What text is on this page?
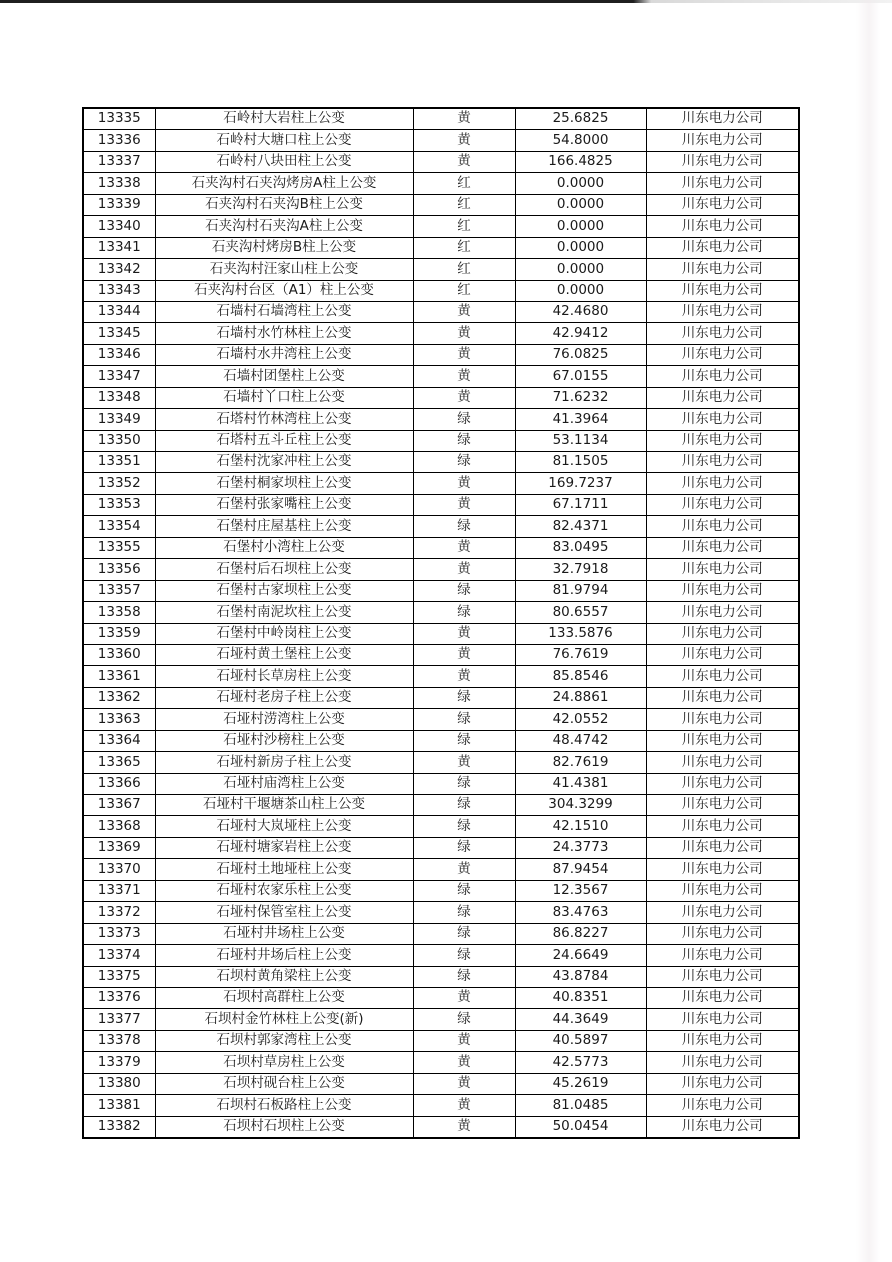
13335	石岭村大岩柱上公变	黄	25.6825	川东电力公司
13336	石岭村大塘口柱上公变	黄	54.8000	川东电力公司
13337	石岭村八块田柱上公变	黄	166.4825	川东电力公司
13338	石夹沟村石夹沟烤房A柱上公变	红	0.0000	川东电力公司
13339	石夹沟村石夹沟B柱上公变	红	0.0000	川东电力公司
13340	石夹沟村石夹沟A柱上公变	红	0.0000	川东电力公司
13341	石夹沟村烤房B柱上公变	红	0.0000	川东电力公司
13342	石夹沟村汪家山柱上公变	红	0.0000	川东电力公司
13343	石夹沟村台区（A1）柱上公变	红	0.0000	川东电力公司
13344	石墙村石墙湾柱上公变	黄	42.4680	川东电力公司
13345	石墙村水竹林柱上公变	黄	42.9412	川东电力公司
13346	石墙村水井湾柱上公变	黄	76.0825	川东电力公司
13347	石墙村团堡柱上公变	黄	67.0155	川东电力公司
13348	石墙村丫口柱上公变	黄	71.6232	川东电力公司
13349	石塔村竹林湾柱上公变	绿	41.3964	川东电力公司
13350	石塔村五斗丘柱上公变	绿	53.1134	川东电力公司
13351	石堡村沈家冲柱上公变	绿	81.1505	川东电力公司
13352	石堡村桐家坝柱上公变	黄	169.7237	川东电力公司
13353	石堡村张家嘴柱上公变	黄	67.1711	川东电力公司
13354	石堡村庄屋基柱上公变	绿	82.4371	川东电力公司
13355	石堡村小湾柱上公变	黄	83.0495	川东电力公司
13356	石堡村后石坝柱上公变	黄	32.7918	川东电力公司
13357	石堡村古家坝柱上公变	绿	81.9794	川东电力公司
13358	石堡村南泥坎柱上公变	绿	80.6557	川东电力公司
13359	石堡村中岭岗柱上公变	黄	133.5876	川东电力公司
13360	石垭村黄土堡柱上公变	黄	76.7619	川东电力公司
13361	石垭村长草房柱上公变	黄	85.8546	川东电力公司
13362	石垭村老房子柱上公变	绿	24.8861	川东电力公司
13363	石垭村涝湾柱上公变	绿	42.0552	川东电力公司
13364	石垭村沙榜柱上公变	绿	48.4742	川东电力公司
13365	石垭村新房子柱上公变	黄	82.7619	川东电力公司
13366	石垭村庙湾柱上公变	绿	41.4381	川东电力公司
13367	石垭村干堰塘茶山柱上公变	绿	304.3299	川东电力公司
13368	石垭村大岚垭柱上公变	绿	42.1510	川东电力公司
13369	石垭村塘家岩柱上公变	绿	24.3773	川东电力公司
13370	石垭村土地垭柱上公变	黄	87.9454	川东电力公司
13371	石垭村农家乐柱上公变	绿	12.3567	川东电力公司
13372	石垭村保管室柱上公变	绿	83.4763	川东电力公司
13373	石垭村井场柱上公变	绿	86.8227	川东电力公司
13374	石垭村井场后柱上公变	绿	24.6649	川东电力公司
13375	石坝村黄角梁柱上公变	绿	43.8784	川东电力公司
13376	石坝村高群柱上公变	黄	40.8351	川东电力公司
13377	石坝村金竹林柱上公变(新)	绿	44.3649	川东电力公司
13378	石坝村郭家湾柱上公变	黄	40.5897	川东电力公司
13379	石坝村草房柱上公变	黄	42.5773	川东电力公司
13380	石坝村砚台柱上公变	黄	45.2619	川东电力公司
13381	石坝村石板路柱上公变	黄	81.0485	川东电力公司
13382	石坝村石坝柱上公变	黄	50.0454	川东电力公司
